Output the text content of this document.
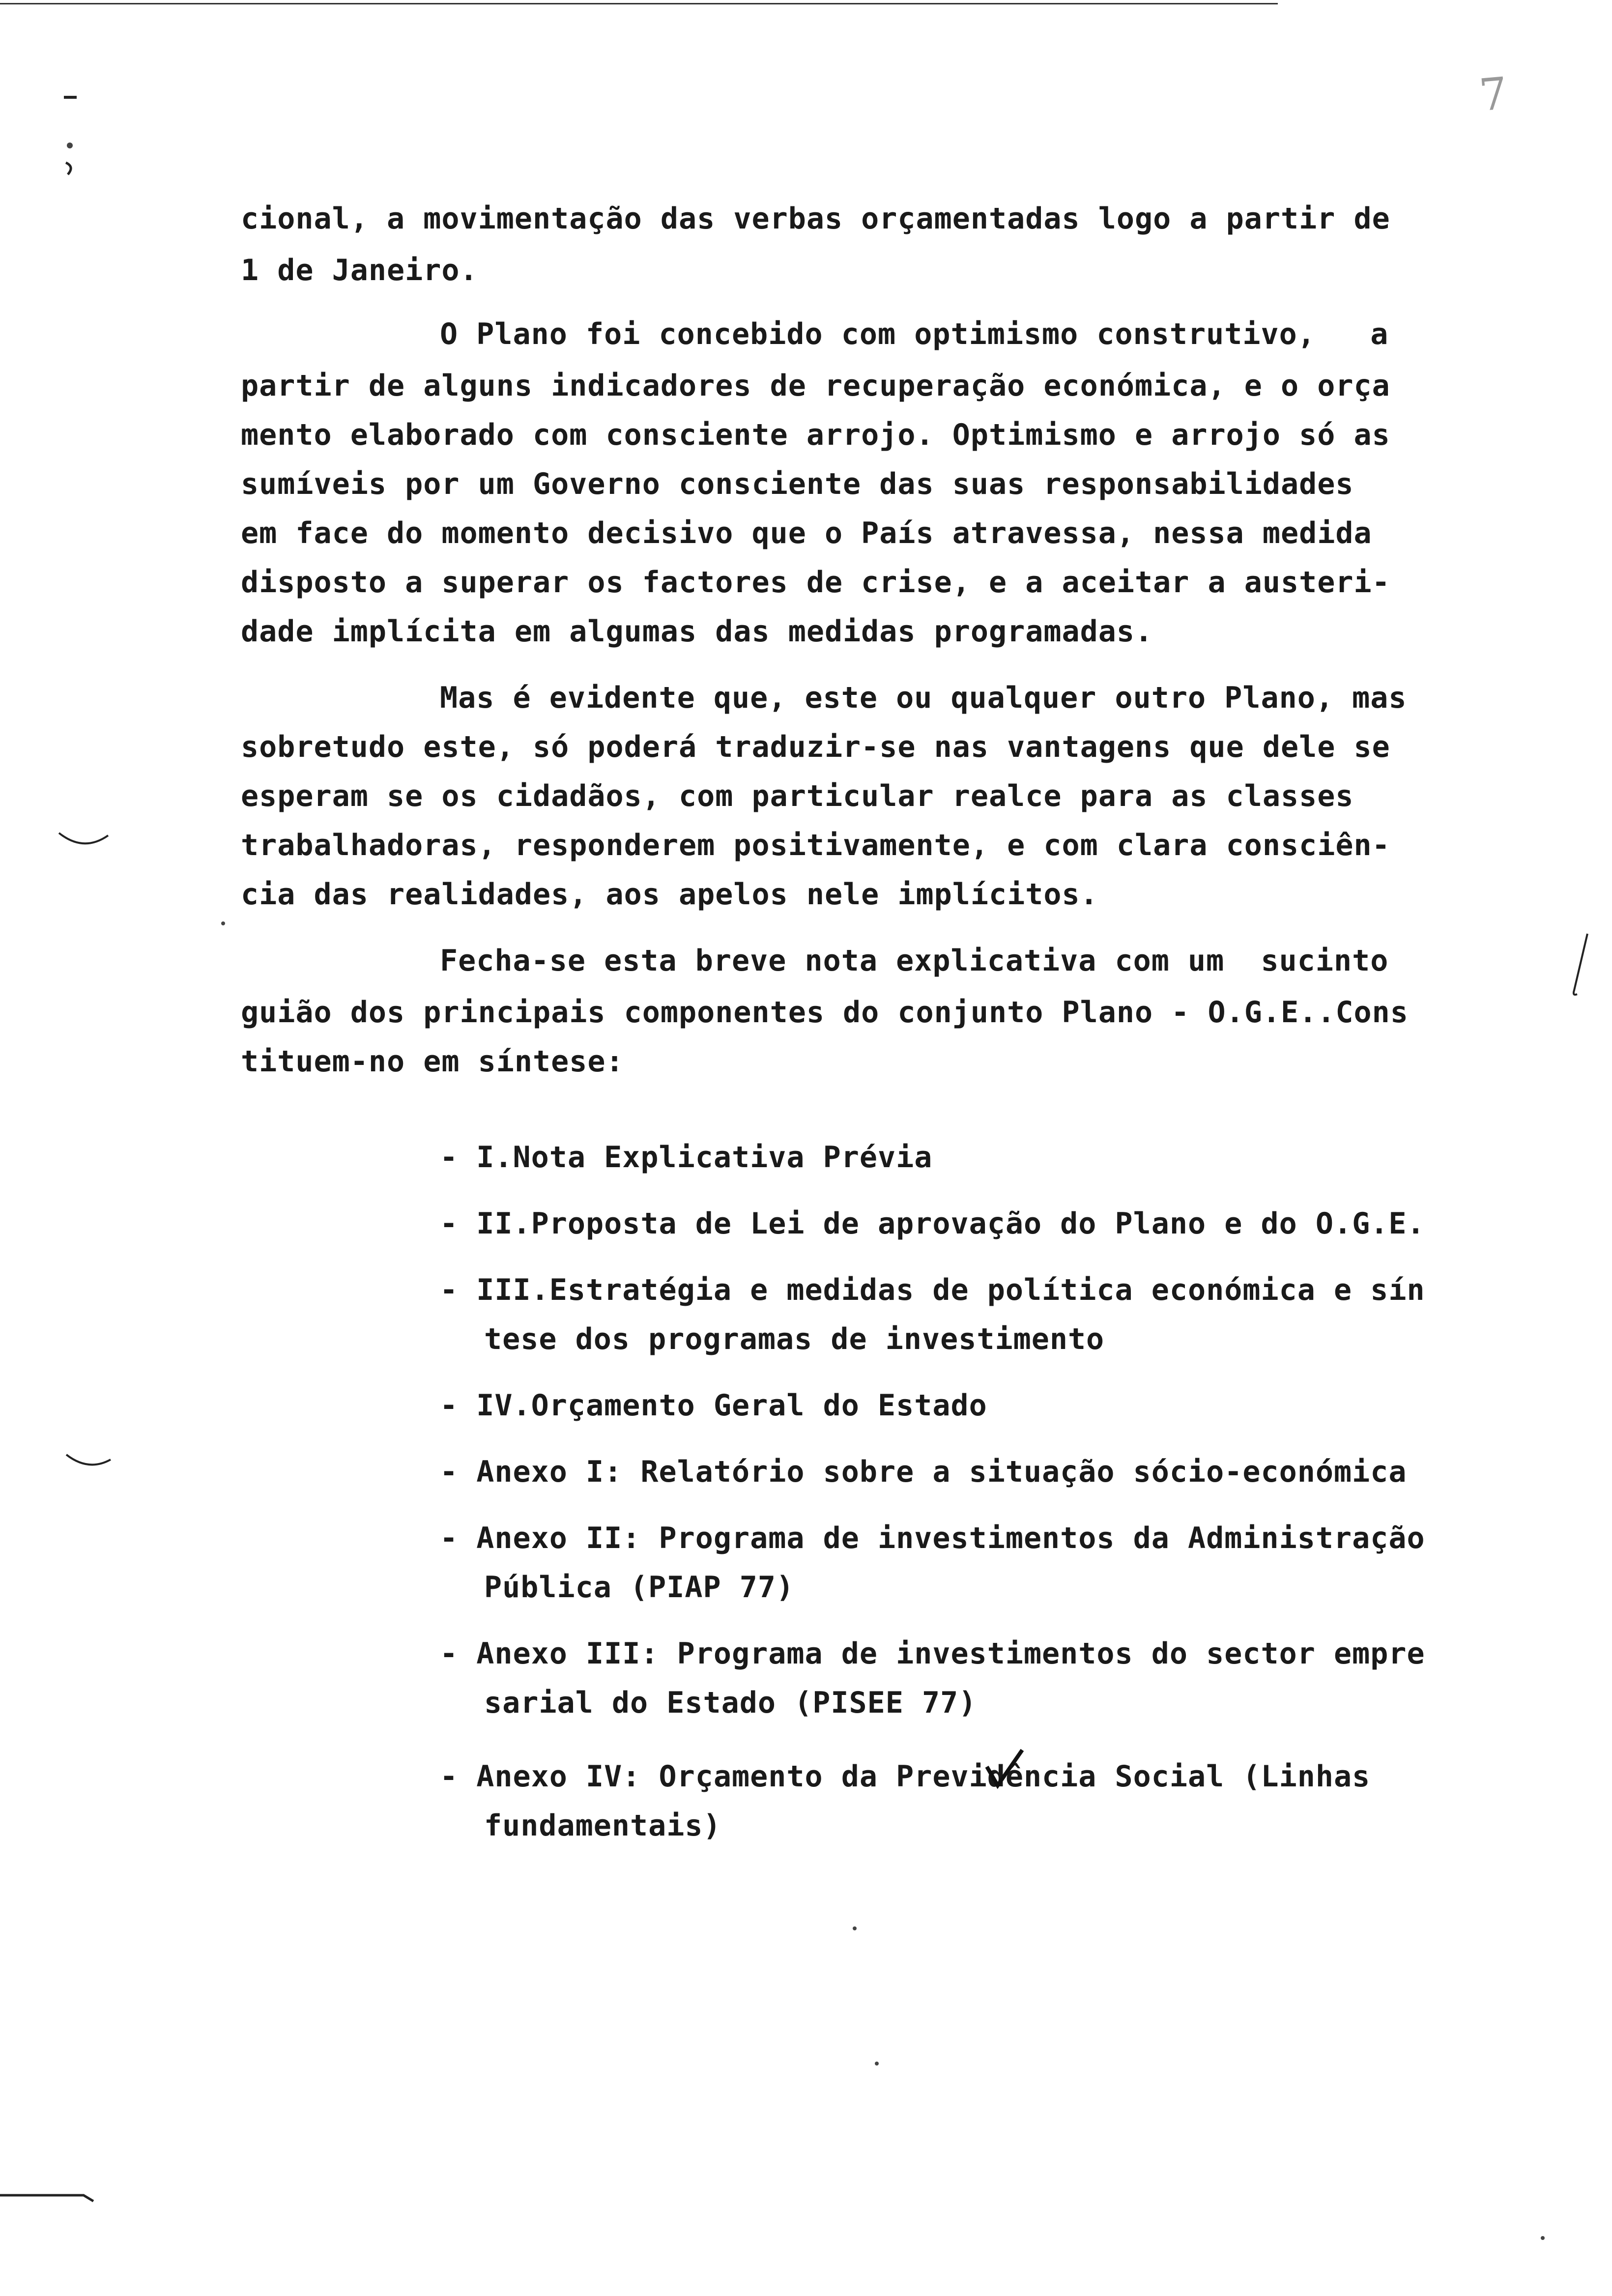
7

cional, a movimentação das verbas orçamentadas logo a partir de

1 de Janeiro.

O Plano foi concebido com optimismo construtivo,   a

partir de alguns indicadores de recuperação económica, e o orça

mento elaborado com consciente arrojo. Optimismo e arrojo só as

sumíveis por um Governo consciente das suas responsabilidades

em face do momento decisivo que o País atravessa, nessa medida

disposto a superar os factores de crise, e a aceitar a austeri-

dade implícita em algumas das medidas programadas.

Mas é evidente que, este ou qualquer outro Plano, mas

sobretudo este, só poderá traduzir-se nas vantagens que dele se

esperam se os cidadãos, com particular realce para as classes

trabalhadoras, responderem positivamente, e com clara consciên-

cia das realidades, aos apelos nele implícitos.

Fecha-se esta breve nota explicativa com um  sucinto

guião dos principais componentes do conjunto Plano - O.G.E..Cons

tituem-no em síntese:

- I.Nota Explicativa Prévia

- II.Proposta de Lei de aprovação do Plano e do O.G.E.

- III.Estratégia e medidas de política económica e sín

tese dos programas de investimento

- IV.Orçamento Geral do Estado

- Anexo I: Relatório sobre a situação sócio-económica

- Anexo II: Programa de investimentos da Administração

Pública (PIAP 77)

- Anexo III: Programa de investimentos do sector empre

sarial do Estado (PISEE 77)

- Anexo IV: Orçamento da Previdência Social (Linhas

fundamentais)
